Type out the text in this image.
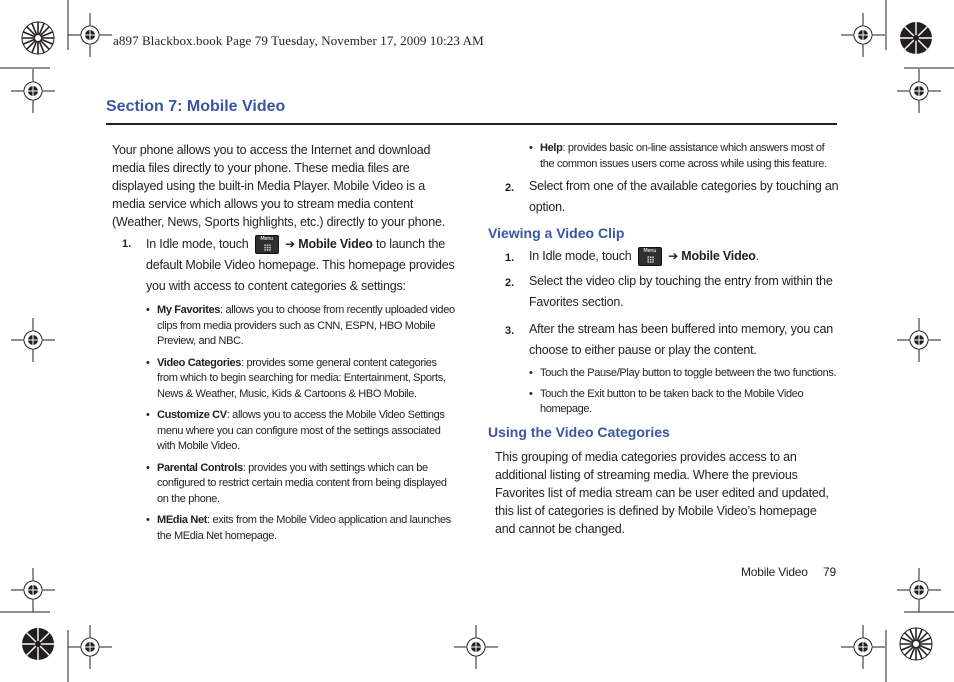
a897 Blackbox.book Page 79 Tuesday, November 17, 2009 10:23 AM
Section 7: Mobile Video
Your phone allows you to access the Internet and download media files directly to your phone. These media files are displayed using the built-in Media Player. Mobile Video is a media service which allows you to stream media content (Weather, News, Sports highlights, etc.) directly to your phone.
1. In Idle mode, touch	Menu ➔ Mobile Video to launch the
default Mobile Video homepage. This homepage provides
you with access to content categories & settings:
• My Favorites: allows you to choose from recently uploaded video clips from media providers such as CNN, ESPN, HBO Mobile Preview, and NBC.
• Video Categories: provides some general content categories from which to begin searching for media: Entertainment, Sports, News & Weather, Music, Kids & Cartoons & HBO Mobile.
• Customize CV: allows you to access the Mobile Video Settings menu where you can configure most of the settings associated with Mobile Video.
• Parental Controls: provides you with settings which can be configured to restrict certain media content from being displayed on the phone.
• MEdia Net: exits from the Mobile Video application and launches the MEdia Net homepage.
• Help: provides basic on-line assistance which answers most of the common issues users come across while using this feature.
2. Select from one of the available categories by touching an option.
Viewing a Video Clip
1. In Idle mode, touch	Menu ➔ Mobile Video.
2. Select the video clip by touching the entry from within the Favorites section.
3. After the stream has been buffered into memory, you can choose to either pause or play the content.
• Touch the Pause/Play button to toggle between the two functions.
• Touch the Exit button to be taken back to the Mobile Video homepage.
Using the Video Categories
This grouping of media categories provides access to an additional listing of streaming media. Where the previous Favorites list of media stream can be user edited and updated, this list of categories is defined by Mobile Video’s homepage and cannot be changed.
Mobile Video 79
